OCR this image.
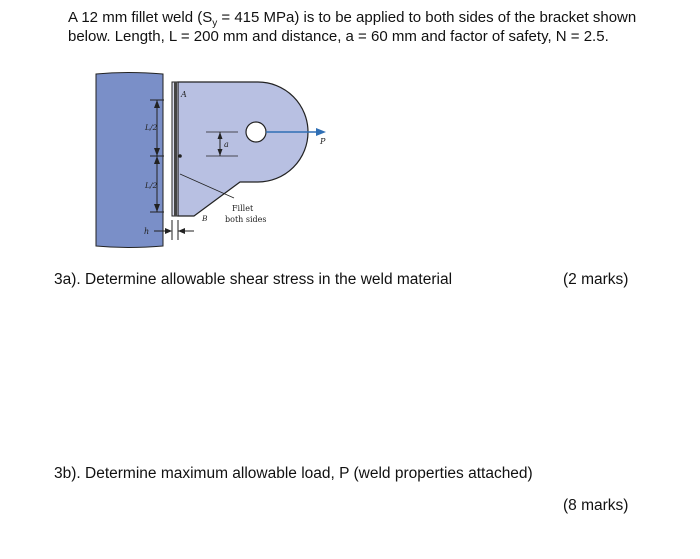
A 12 mm fillet weld ($S_y = 415$ MPa) is to be applied to both sides of the bracket shown
below. Length, L = 200 mm and distance, a = 60 mm and factor of safety, N = 2.5.
A
L/2
L/2
a	P
B
h
Fillet
both sides
3a). Determine allowable shear stress in the weld material	(2 marks)
3b). Determine maximum allowable load, P (weld properties attached)
(8 marks)
